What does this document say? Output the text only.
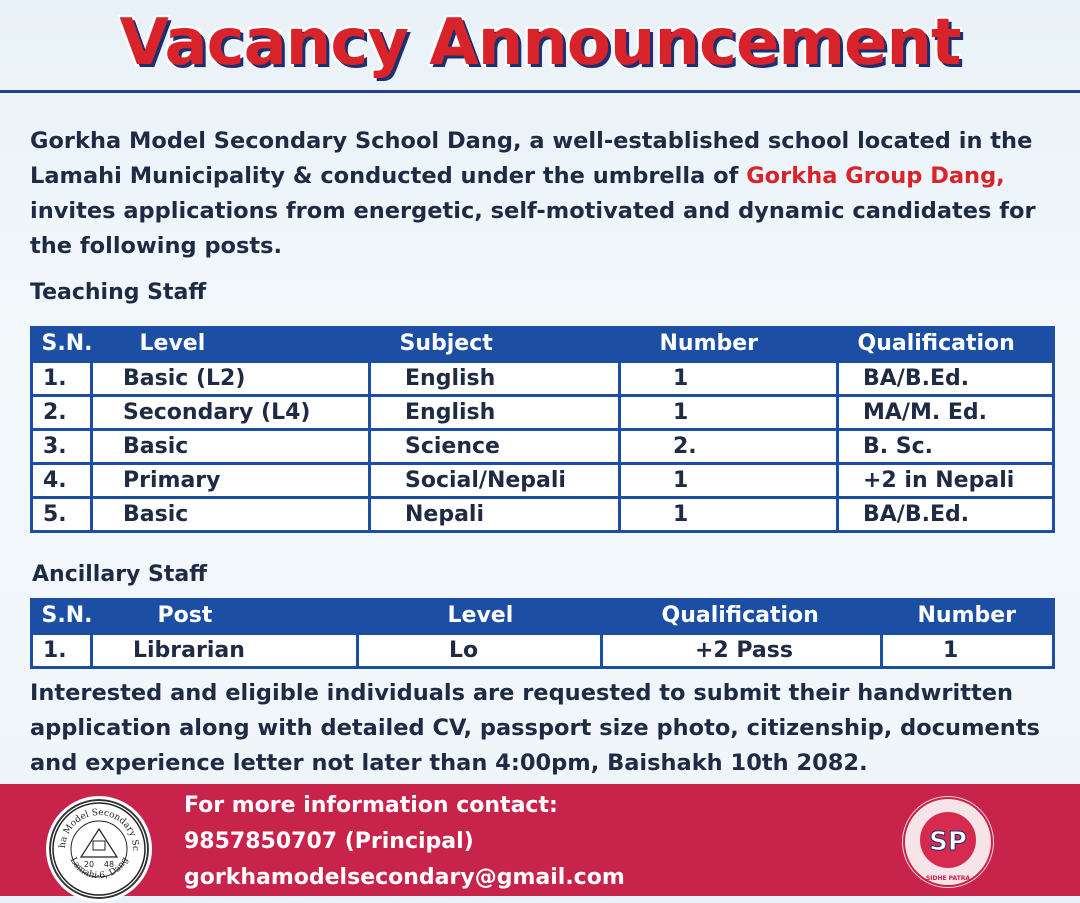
Vacancy Announcement
Gorkha Model Secondary School Dang, a well-established school located in the Lamahi Municipality & conducted under the umbrella of Gorkha Group Dang, invites applications from energetic, self-motivated and dynamic candidates for the following posts.
Teaching Staff
S.N.	Level	Subject	Number	Qualification
1.	Basic (L2)	English	1	BA/B.Ed.
2.	Secondary (L4)	English	1	MA/M. Ed.
3.	Basic	Science	2.	B. Sc.
4.	Primary	Social/Nepali	1	+2 in Nepali
5.	Basic	Nepali	1	BA/B.Ed.
Ancillary Staff
S.N.	Post	Level	Qualification	Number
1.	Librarian	Lo	+2 Pass	1
Interested and eligible individuals are requested to submit their handwritten application along with detailed CV, passport size photo, citizenship, documents and experience letter not later than 4:00pm, Baishakh 10th 2082.
ha Model Secondary Sc
Lamahi-6, Dang
20 48
For more information contact:
9857850707 (Principal)
gorkhamodelsecondary@gmail.com
SP
SIDHE PATRA
